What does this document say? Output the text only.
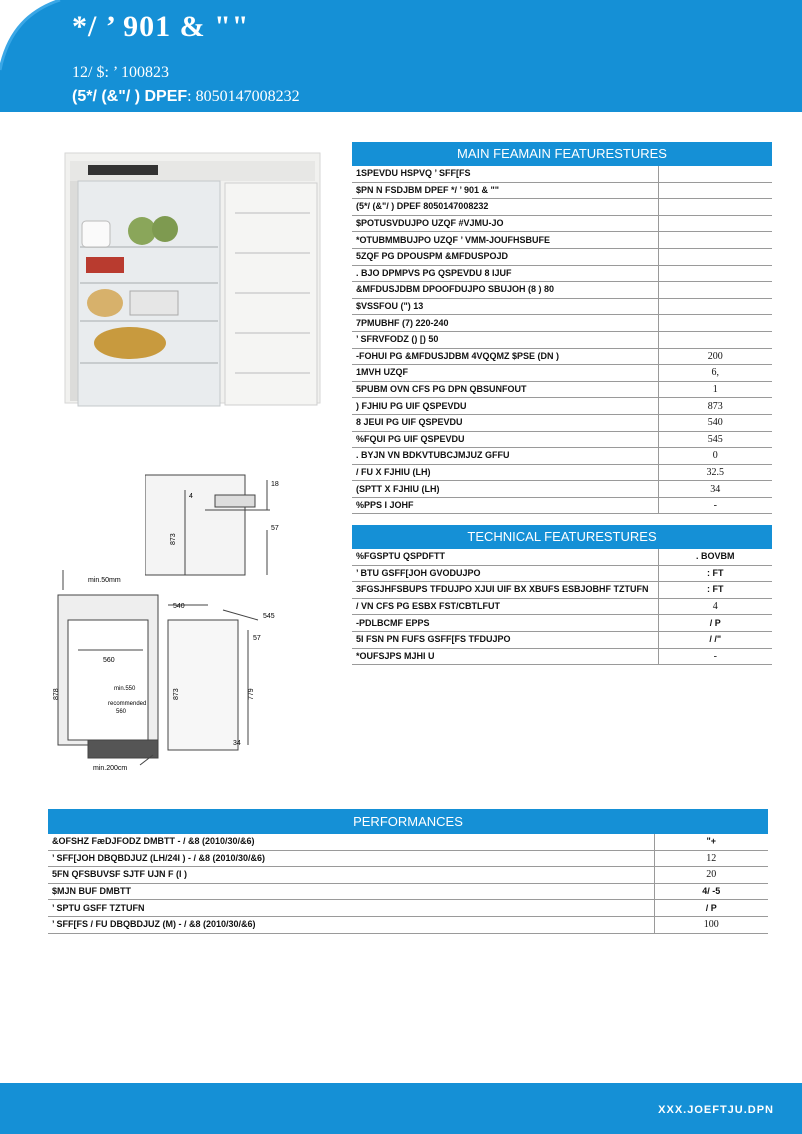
*/ ’ 901 & ""
12/ $: ’ 100823
(5*/ (&"/ ) DPEF: 8050147008232
18
4
873
57
min.50mm
540
545
560
min.550
recommended
560
878	873
57
779
34
min.200cm
MAIN FEAMAIN FEATURESTURES
1SPEVDU HSPVQ ’ SFF[FS	
$PN N FSDJBM DPEF */ ’ 901 & ""	
(5*/ (&"/ ) DPEF 8050147008232	
$POTUSVDUJPO UZQF #VJMU-JO	
*OTUBMMBUJPO UZQF ’ VMM-JOUFHSBUFE	
5ZQF PG DPOUSPM &MFDUSPOJD	
. BJO DPMPVS PG QSPEVDU 8 IJUF	
&MFDUSJDBM DPOOFDUJPO SBUJOH (8 ) 80	
$VSSFOU (") 13	
7PMUBHF (7) 220-240	
’ SFRVFODZ () [) 50	
-FOHUI PG &MFDUSJDBM 4VQQMZ $PSE (DN )	200
1MVH UZQF	6,
5PUBM OVN CFS PG DPN QBSUNFOUT	1
) FJHIU PG UIF QSPEVDU	873
8 JEUI PG UIF QSPEVDU	540
%FQUI PG UIF QSPEVDU	545
. BYJN VN BDKVTUBCJMJUZ GFFU	0
/ FU X FJHIU (LH)	32.5
(SPTT X FJHIU (LH)	34
%PPS I JOHF	-
TECHNICAL FEATURESTURES
%FGSPTU QSPDFTT	. BOVBM
’ BTU GSFF[JOH GVODUJPO	: FT
3FGSJHFSBUPS TFDUJPO XJUI UIF BX XBUFS ESBJOBHF TZTUFN	: FT
/ VN CFS PG ESBX FST/CBTLFUT	4
-PDLBCMF EPPS	/ P
5I FSN PN FUFS GSFF[FS TFDUJPO	/ /"
*OUFSJPS MJHI U	-
PERFORMANCES
&OFSHZ FæDJFODZ DMBTT - / &8 (2010/30/&6)	"+
’ SFF[JOH DBQBDJUZ (LH/24I ) - / &8 (2010/30/&6)	12
5FN QFSBUVSF SJTF UJN F (I )	20
$MJN BUF DMBTT	4/ -5
’ SPTU GSFF TZTUFN	/ P
’ SFF[FS / FU DBQBDJUZ (M) - / &8 (2010/30/&6)	100
XXX.JOEFTJU.DPN
